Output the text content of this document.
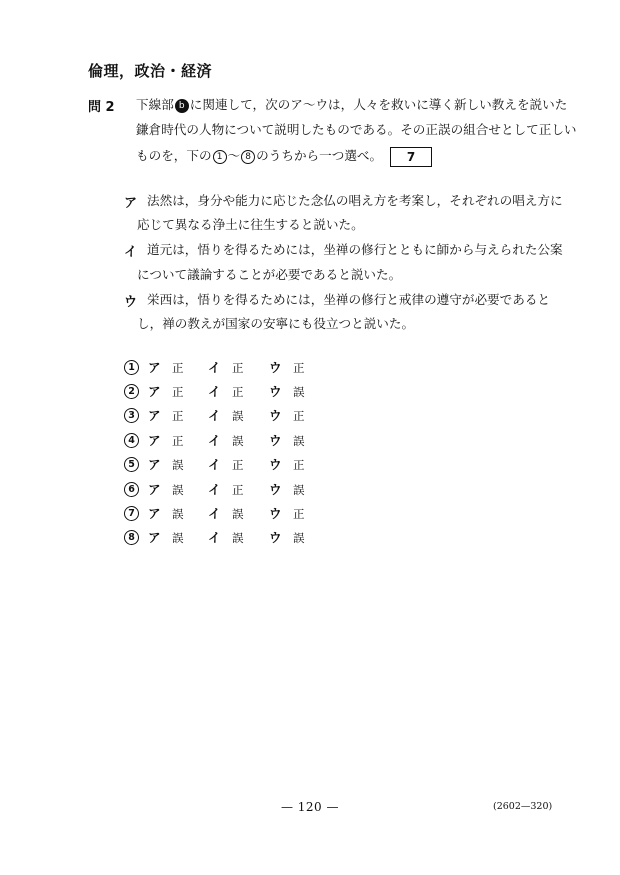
倫理，政治・経済
問 2 下線部 b に関連して，次のア～ウは，人々を救いに導く新しい教えを説いた
鎌倉時代の人物について説明したものである。その正誤の組合せとして正しい
ものを，下の 1 ～ 8 のうちから一つ選べ。 7
ア 法然は，身分や能力に応じた念仏の唱え方を考案し，それぞれの唱え方に
応じて異なる浄土に往生すると説いた。
イ 道元は，悟りを得るためには，坐禅の修行とともに師から与えられた公案
について議論することが必要であると説いた。
ウ 栄西は，悟りを得るためには，坐禅の修行と戒律の遵守が必要であると
し，禅の教えが国家の安寧にも役立つと説いた。
1	ア 正 イ 正 ウ 正
2	ア 正 イ 正 ウ 誤
3	ア 正 イ 誤 ウ 正
4	ア 正 イ 誤 ウ 誤
5	ア 誤 イ 正 ウ 正
6	ア 誤 イ 正 ウ 誤
7	ア 誤 イ 誤 ウ 正
8	ア 誤 イ 誤 ウ 誤
— 120 —	(2602—320)
